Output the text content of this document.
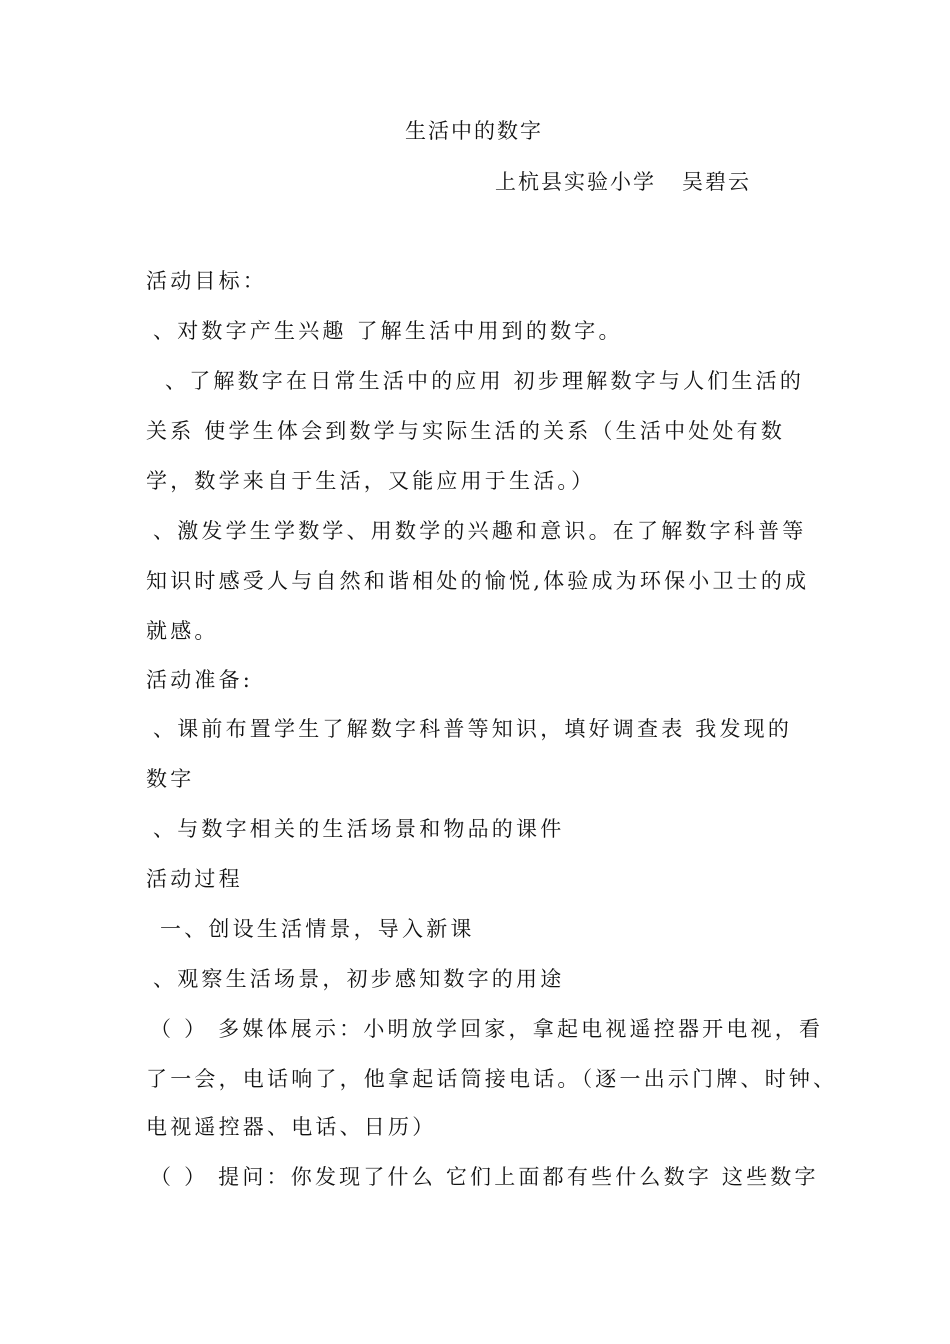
生活中的数字
上杭县实验小学 吴碧云
活动目标：
、对数字产生兴趣 了解生活中用到的数字。
、了解数字在日常生活中的应用 初步理解数字与人们生活的
关系 使学生体会到数学与实际生活的关系（生活中处处有数
学，数学来自于生活，又能应用于生活。）
、激发学生学数学、用数学的兴趣和意识。在了解数字科普等
知识时感受人与自然和谐相处的愉悦,体验成为环保小卫士的成
就感。
活动准备:
、课前布置学生了解数字科普等知识，填好调查表 我发现的
数字
、与数字相关的生活场景和物品的课件
活动过程
一、创设生活情景，导入新课
、观察生活场景，初步感知数字的用途
（ ） 多媒体展示：小明放学回家，拿起电视遥控器开电视，看
了一会，电话响了，他拿起话筒接电话。（逐一出示门牌、时钟、
电视遥控器、电话、日历）
（ ） 提问：你发现了什么 它们上面都有些什么数字 这些数字
